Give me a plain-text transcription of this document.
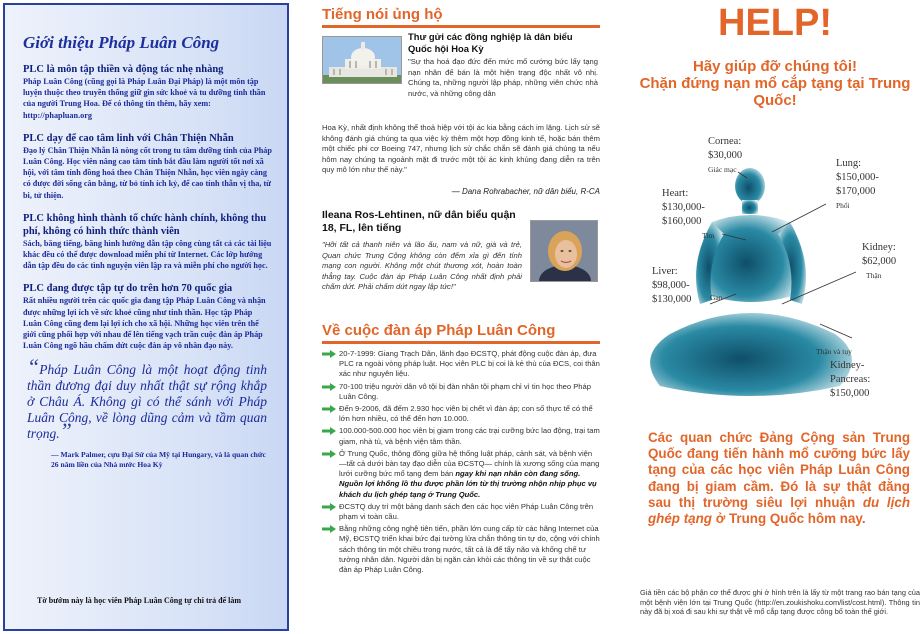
Giới thiệu Pháp Luân Công
PLC là môn tập thiền và động tác nhẹ nhàng

Pháp Luân Công (cũng gọi là Pháp Luân Đại Pháp) là một môn tập luyện thuộc theo truyền thống giữ gìn sức khoẻ và tu dưỡng tinh thần của người Trung Hoa. Để có thông tin thêm, hãy xem: http://phapluan.org

PLC dạy để cao tâm linh với Chân Thiện Nhẫn

Đạo lý Chân Thiện Nhẫn là nòng cốt trong tu tâm dưỡng tính của Pháp Luân Công. Học viên nâng cao tâm tính bắt đầu làm người tốt nơi xã hội, với tâm tính đồng hoá theo Chân Thiện Nhẫn, học viên ngày càng có được đời sống cân bằng, từ bỏ tính ích kỷ, để cao tính thẫn vị tha, từ bi, tử thiện.

PLC không hình thành tổ chức hành chính, không thu phí, không có hình thức thành viên

Sách, băng tiếng, băng hình hướng dẫn tập công cùng tất cả các tài liệu khác đều có thể được download miễn phí từ Internet. Các lớp hướng dẫn tập đều do các tình nguyện viên lập ra và miễn phí cho người học.

PLC đang được tập tự do trên hơn 70 quốc gia

Rất nhiều người trên các quốc gia đang tập Pháp Luân Công và nhận được những lợi ích về sức khoẻ cũng như tinh thần. Học tập Pháp Luân Công cũng đem lại lợi ích cho xã hội. Những học viên trên thế giới cũng phối hợp với nhau để lên tiếng vạch trần cuộc đàn áp Pháp Luân Công ngõ hầu chấm dứt cuộc đàn áp vô nhân đạo này.

“Pháp Luân Công là một hoạt động tinh thần đương đại duy nhất thật sự rộng khắp ở Châu Á. Không gì có thể sánh với Pháp Luân Công, về lòng dũng cảm và tầm quan trọng.”
— Mark Palmer, cựu Đại Sứ của Mỹ tại Hungary, và là quan chức 26 năm liền của Nhà nước Hoa Kỳ
Tờ bướm này là học viên Pháp Luân Công tự chi trả để làm
Tiếng nói ủng hộ
Thư gửi các đồng nghiệp là dân biểu Quốc hội Hoa Kỳ
"Sự tha hoá đạo đức đến mức mổ cướng bức lấy tạng nạn nhân để bán là một hiện trạng độc nhất vô nhị. Chúng ta, những người lập pháp, những viên chức nhà nước, và những công dân
Hoa Kỳ, nhất định không thể thoả hiệp với tội ác kia bằng cách im lặng. Lịch sử sẽ không đánh giá chúng ta qua việc kỳ thêm một hợp đồng kinh tế, hoặc bán thêm một chiếc phi cơ Boeing 747, nhưng lịch sử chắc chắn sẽ đánh giá chúng ta nếu hôm nay chúng ta ngoảnh mặt đi trước một tội ác kinh khủng đang diễn ra trên quy mô lớn như thế này."
— Dana Rohrabacher, nữ dân biểu, R-CA
Ileana Ros-Lehtinen, nữ dân biểu quận 18, FL, lên tiếng
"Hỡi tất cả thanh niên và lão ấu, nam và nữ, già và trẻ, Quan chức Trung Cộng không còn đếm xỉa gì đến tính mạng con người. Không một chút thương xót, hoàn toàn thẳng tay. Cuộc đàn áp Pháp Luân Công nhất định phải chấm dứt. Phải chấm dứt ngay lập tức!"
Về cuộc đàn áp Pháp Luân Công
20-7-1999: Giang Trạch Dân, lãnh đạo ĐCSTQ, phát động cuộc đàn áp, đưa PLC ra ngoài vòng pháp luật. Học viên PLC bị coi là kẻ thù của ĐCS, coi thân xác như nguyên liệu.
70-100 triệu người dân vô tội bị đàn nhân tội phạm chỉ vì tin học theo Pháp Luân Công.
Đến 9-2006, đã đếm 2.930 học viên bị chết vì đàn áp; con số thực tế có thể lớn hơn nhiều, có thể đến hơn 10.000.
100.000-500.000 học viên bị giam trong các trại cưỡng bức lao động, trại tam giam, nhà tù, và bệnh viện tâm thần.
Ở Trung Quốc, thông đồng giữa hệ thống luật pháp, cảnh sát, và bệnh viện —tất cả dưới bàn tay đạo diễn của ĐCSTQ— chính là xương sống của mạng lưới cưỡng bức mổ tạng đem bán ngay khi nạn nhân còn đang sống. Nguồn lợi khổng lồ thu được phần lớn từ thị trường nhộn nhịp phục vụ khách du lịch ghép tạng ở Trung Quốc.
ĐCSTQ duy trì một bảng danh sách đen các học viên Pháp Luân Công trên phạm vi toàn cầu.
Bằng những công nghệ tiên tiến, phần lớn cung cấp từ các hãng Internet của Mỹ, ĐCSTQ triển khai bức đại tường lửa chắn thông tin tự do, cộng với chính sách thông tin một chiều trong nước, tất cả là để tẩy não và khống chế tư tưởng nhân dân. Người dân bị ngăn cản khỏi các thông tin về sự thật cuộc đàn áp Pháp Luân Công.
HELP!
Hãy giúp đỡ chúng tôi!
Chặn đứng nạn mổ cắp tạng tại Trung Quốc!
Cornea:
$30,000
Giác mạc
Lung:
$150,000-
$170,000
Phổi
Heart:
$130,000-
$160,000
Tim
Kidney:
$62,000
Thận
Liver:
$98,000-
$130,000 Gan
Thận và tụy
Kidney-
Pancreas:
$150,000
Các quan chức Đảng Cộng sản Trung Quốc đang tiến hành mổ cưỡng bức lấy tạng của các học viên Pháp Luân Công đang bị giam cầm. Đó là sự thật đằng sau thị trường siêu lợi nhuận du lịch ghép tạng ở Trung Quốc hôm nay.
Giá tiền các bộ phận cơ thể được ghi ở hình trên là lấy từ một trang rao bán tạng của một bệnh viện lớn tại Trung Quốc (http://en.zoukishoku.com/list/cost.html). Thông tin này đã bị xoá đi sau khi sự thật về mổ cắp tạng được công bố toàn thế giới.
